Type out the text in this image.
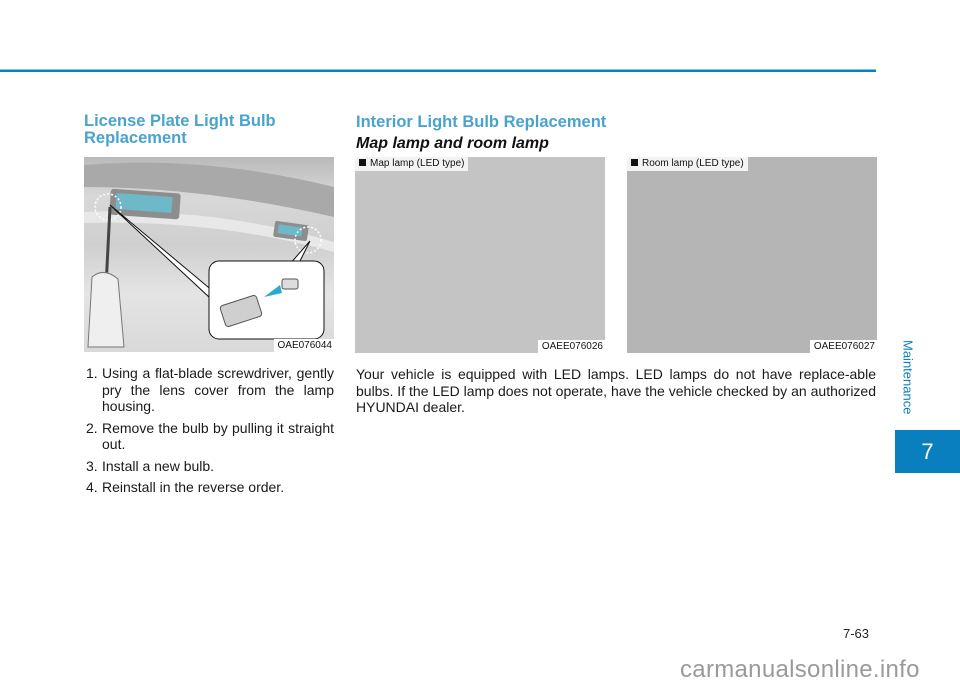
License Plate Light Bulb Replacement
OAE076044
1. Using a flat-blade screwdriver, gently pry the lens cover from the lamp housing.
2. Remove the bulb by pulling it straight out.
3. Install a new bulb.
4. Reinstall in the reverse order.
Interior Light Bulb Replacement
Map lamp and room lamp
Map lamp (LED type)
OAEE076026
Room lamp (LED type)
OAEE076027

Your vehicle is equipped with LED lamps. LED lamps do not have replace-able bulbs. If the LED lamp does not operate, have the vehicle checked by an authorized HYUNDAI dealer.	Maintenance
7
7-63
carmanualsonline.info
